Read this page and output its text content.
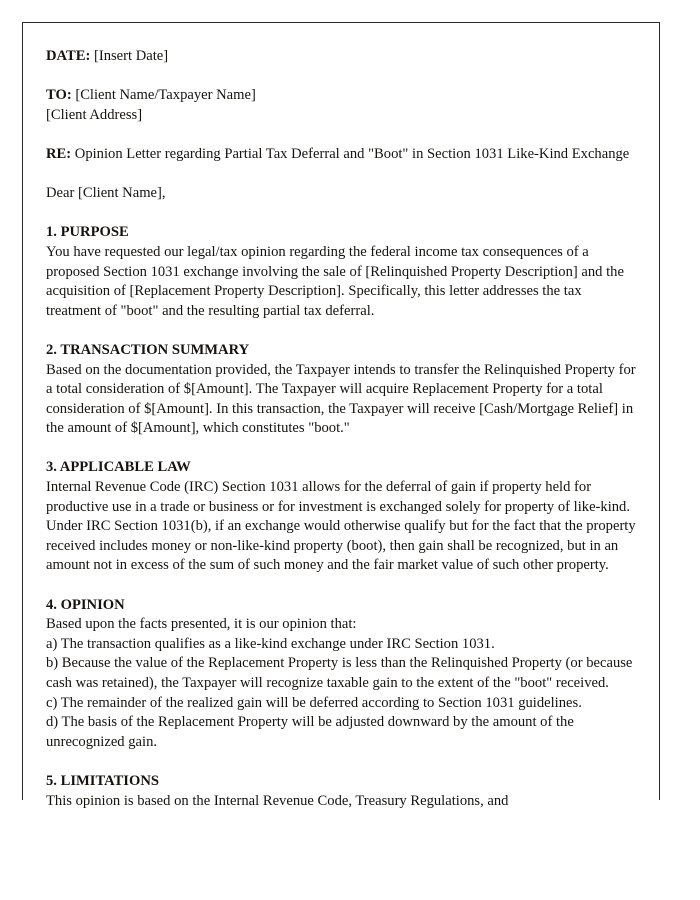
DATE: [Insert Date]

TO: [Client Name/Taxpayer Name]

[Client Address]

RE: Opinion Letter regarding Partial Tax Deferral and "Boot" in Section 1031 Like-Kind Exchange

Dear [Client Name],

1. PURPOSE

You have requested our legal/tax opinion regarding the federal income tax consequences of a proposed Section 1031 exchange involving the sale of [Relinquished Property Description] and the acquisition of [Replacement Property Description]. Specifically, this letter addresses the tax treatment of "boot" and the resulting partial tax deferral.

2. TRANSACTION SUMMARY

Based on the documentation provided, the Taxpayer intends to transfer the Relinquished Property for a total consideration of $[Amount]. The Taxpayer will acquire Replacement Property for a total consideration of $[Amount]. In this transaction, the Taxpayer will receive [Cash/Mortgage Relief] in the amount of $[Amount], which constitutes "boot."

3. APPLICABLE LAW

Internal Revenue Code (IRC) Section 1031 allows for the deferral of gain if property held for productive use in a trade or business or for investment is exchanged solely for property of like-kind. Under IRC Section 1031(b), if an exchange would otherwise qualify but for the fact that the property received includes money or non-like-kind property (boot), then gain shall be recognized, but in an amount not in excess of the sum of such money and the fair market value of such other property.

4. OPINION

Based upon the facts presented, it is our opinion that:

a) The transaction qualifies as a like-kind exchange under IRC Section 1031.

b) Because the value of the Replacement Property is less than the Relinquished Property (or because cash was retained), the Taxpayer will recognize taxable gain to the extent of the "boot" received.

c) The remainder of the realized gain will be deferred according to Section 1031 guidelines.

d) The basis of the Replacement Property will be adjusted downward by the amount of the unrecognized gain.

5. LIMITATIONS

This opinion is based on the Internal Revenue Code, Treasury Regulations, and
